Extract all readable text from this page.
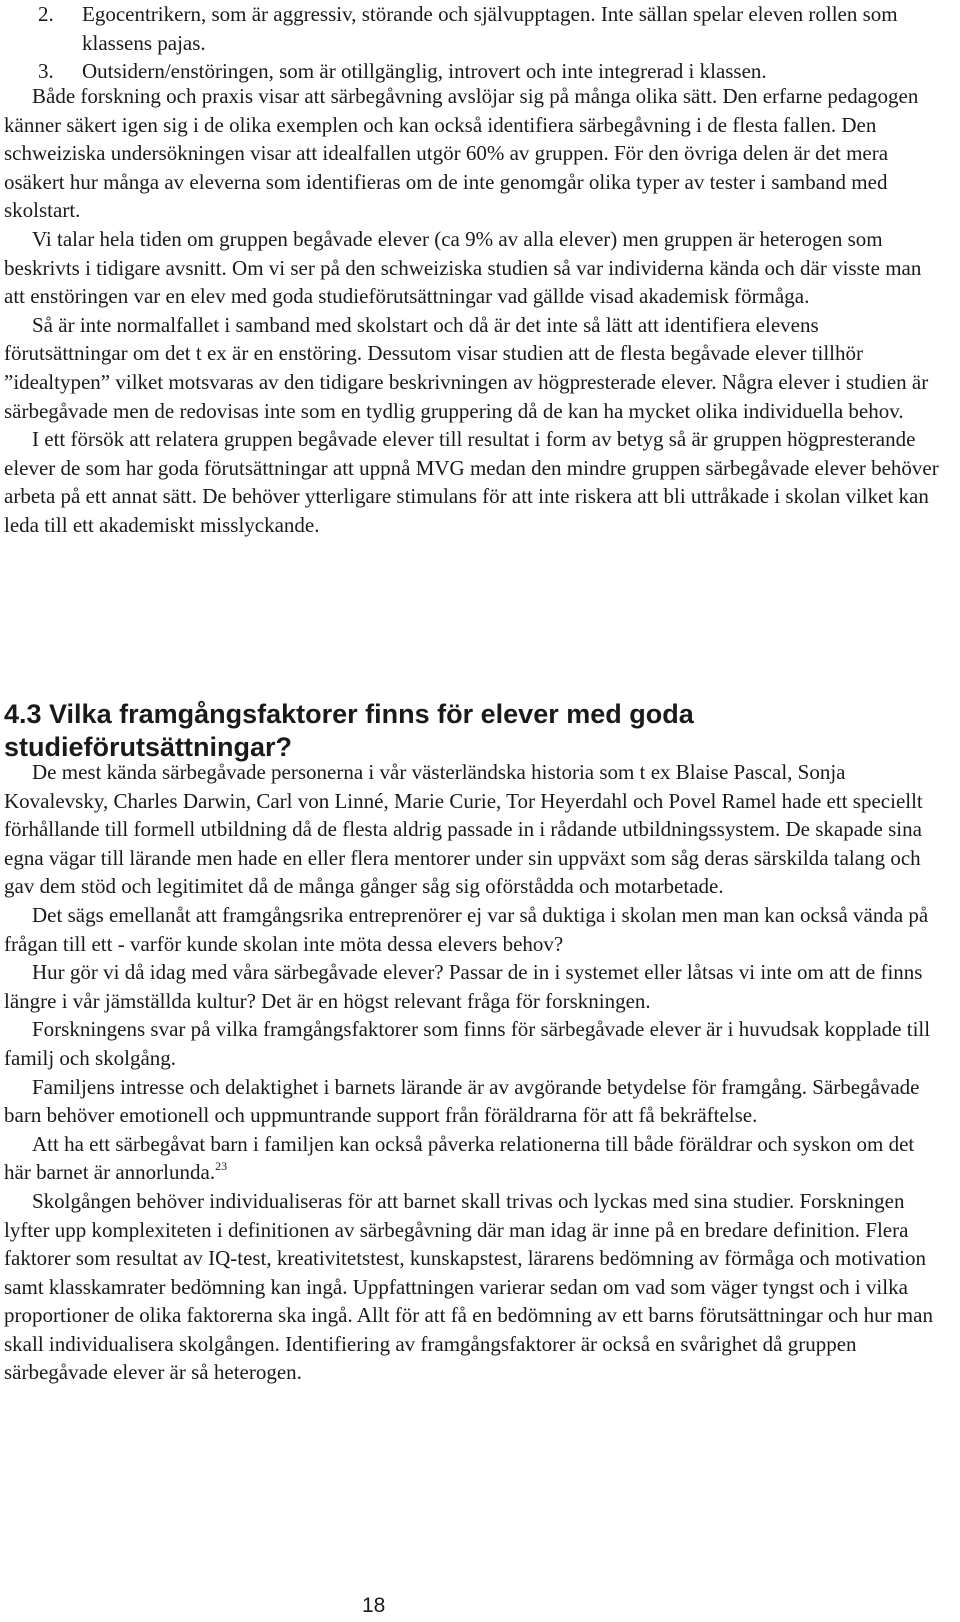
2. Egocentrikern, som är aggressiv, störande och självupptagen. Inte sällan spelar eleven rollen som klassens pajas.
3. Outsidern/enstöringen, som är otillgänglig, introvert och inte integrerad i klassen.

Både forskning och praxis visar att särbegåvning avslöjar sig på många olika sätt. Den erfarne pedagogen känner säkert igen sig i de olika exemplen och kan också identifiera särbegåvning i de flesta fallen. Den schweiziska undersökningen visar att idealfallen utgör 60% av gruppen. För den övriga delen är det mera osäkert hur många av eleverna som identifieras om de inte genomgår olika typer av tester i samband med skolstart.

Vi talar hela tiden om gruppen begåvade elever (ca 9% av alla elever) men gruppen är heterogen som beskrivts i tidigare avsnitt. Om vi ser på den schweiziska studien så var individerna kända och där visste man att enstöringen var en elev med goda studieförutsättningar vad gällde visad akademisk förmåga.

Så är inte normalfallet i samband med skolstart och då är det inte så lätt att identifiera elevens förutsättningar om det t ex är en enstöring. Dessutom visar studien att de flesta begåvade elever tillhör ”idealtypen” vilket motsvaras av den tidigare beskrivningen av högpresterade elever. Några elever i studien är särbegåvade men de redovisas inte som en tydlig gruppering då de kan ha mycket olika individuella behov.

I ett försök att relatera gruppen begåvade elever till resultat i form av betyg så är gruppen högpresterande elever de som har goda förutsättningar att uppnå MVG medan den mindre gruppen särbegåvade elever behöver arbeta på ett annat sätt. De behöver ytterligare stimulans för att inte riskera att bli uttråkade i skolan vilket kan leda till ett akademiskt misslyckande.

4.3 Vilka framgångsfaktorer finns för elever med goda studieförutsättningar?

De mest kända särbegåvade personerna i vår västerländska historia som t ex Blaise Pascal, Sonja Kovalevsky, Charles Darwin, Carl von Linné, Marie Curie, Tor Heyerdahl och Povel Ramel hade ett speciellt förhållande till formell utbildning då de flesta aldrig passade in i rådande utbildningssystem. De skapade sina egna vägar till lärande men hade en eller flera mentorer under sin uppväxt som såg deras särskilda talang och gav dem stöd och legitimitet då de många gånger såg sig oförstådda och motarbetade.

Det sägs emellanåt att framgångsrika entreprenörer ej var så duktiga i skolan men man kan också vända på frågan till ett - varför kunde skolan inte möta dessa elevers behov?

Hur gör vi då idag med våra särbegåvade elever? Passar de in i systemet eller låtsas vi inte om att de finns längre i vår jämställda kultur? Det är en högst relevant fråga för forskningen.

Forskningens svar på vilka framgångsfaktorer som finns för särbegåvade elever är i huvudsak kopplade till familj och skolgång.

Familjens intresse och delaktighet i barnets lärande är av avgörande betydelse för framgång. Särbegåvade barn behöver emotionell och uppmuntrande support från föräldrarna för att få bekräftelse.

Att ha ett särbegåvat barn i familjen kan också påverka relationerna till både föräldrar och syskon om det här barnet är annorlunda.$^{23}$

Skolgången behöver individualiseras för att barnet skall trivas och lyckas med sina studier. Forskningen lyfter upp komplexiteten i definitionen av särbegåvning där man idag är inne på en bredare definition. Flera faktorer som resultat av IQ-test, kreativitetstest, kunskapstest, lärarens bedömning av förmåga och motivation samt klasskamrater bedömning kan ingå. Uppfattningen varierar sedan om vad som väger tyngst och i vilka proportioner de olika faktorerna ska ingå. Allt för att få en bedömning av ett barns förutsättningar och hur man skall individualisera skolgången. Identifiering av framgångsfaktorer är också en svårighet då gruppen särbegåvade elever är så heterogen.

18
